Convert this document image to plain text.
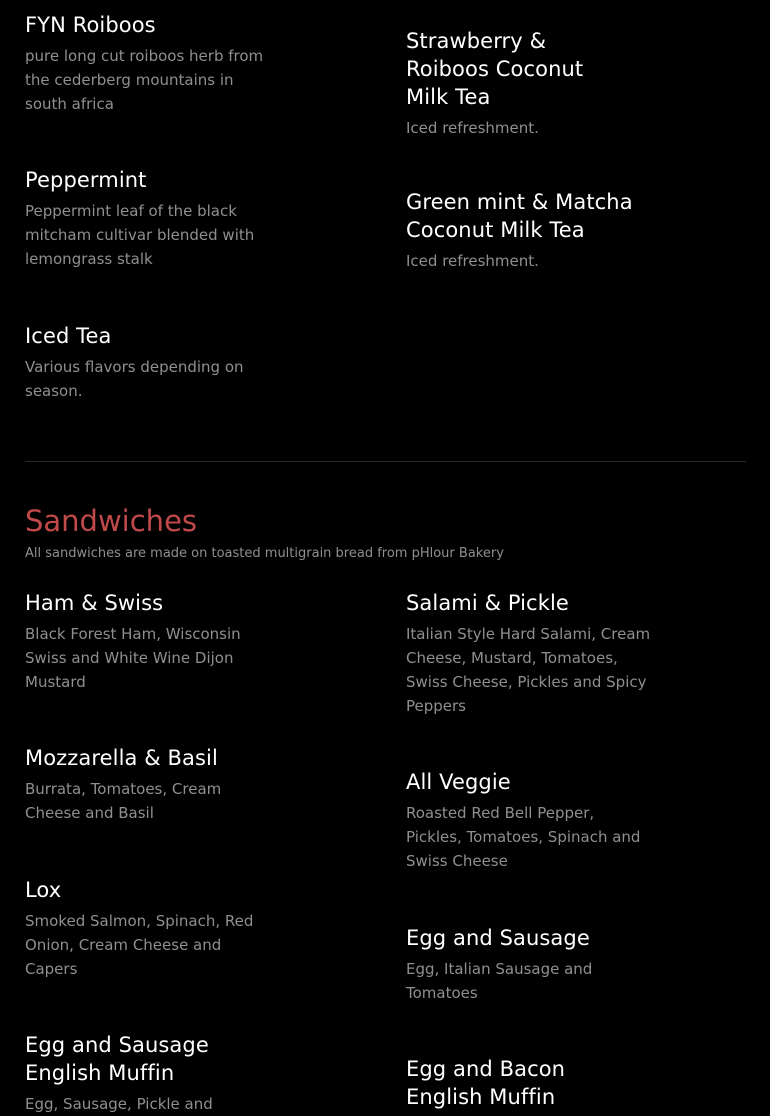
FYN Roiboos
pure long cut roiboos herb from the cederberg mountains in south africa
Strawberry & Roiboos Coconut Milk Tea
Iced refreshment.
Peppermint
Peppermint leaf of the black mitcham cultivar blended with lemongrass stalk
Green mint & Matcha Coconut Milk Tea
Iced refreshment.
Iced Tea
Various flavors depending on season.
Sandwiches
All sandwiches are made on toasted multigrain bread from pHlour Bakery
Ham & Swiss
Black Forest Ham, Wisconsin Swiss and White Wine Dijon Mustard
Salami & Pickle
Italian Style Hard Salami, Cream Cheese, Mustard, Tomatoes, Swiss Cheese, Pickles and Spicy Peppers
Mozzarella & Basil
Burrata, Tomatoes, Cream Cheese and Basil
All Veggie
Roasted Red Bell Pepper, Pickles, Tomatoes, Spinach and Swiss Cheese
Lox
Smoked Salmon, Spinach, Red Onion, Cream Cheese and Capers
Egg and Sausage
Egg, Italian Sausage and Tomatoes
Egg and Sausage English Muffin
Egg, Sausage, Pickle and
Egg and Bacon English Muffin
